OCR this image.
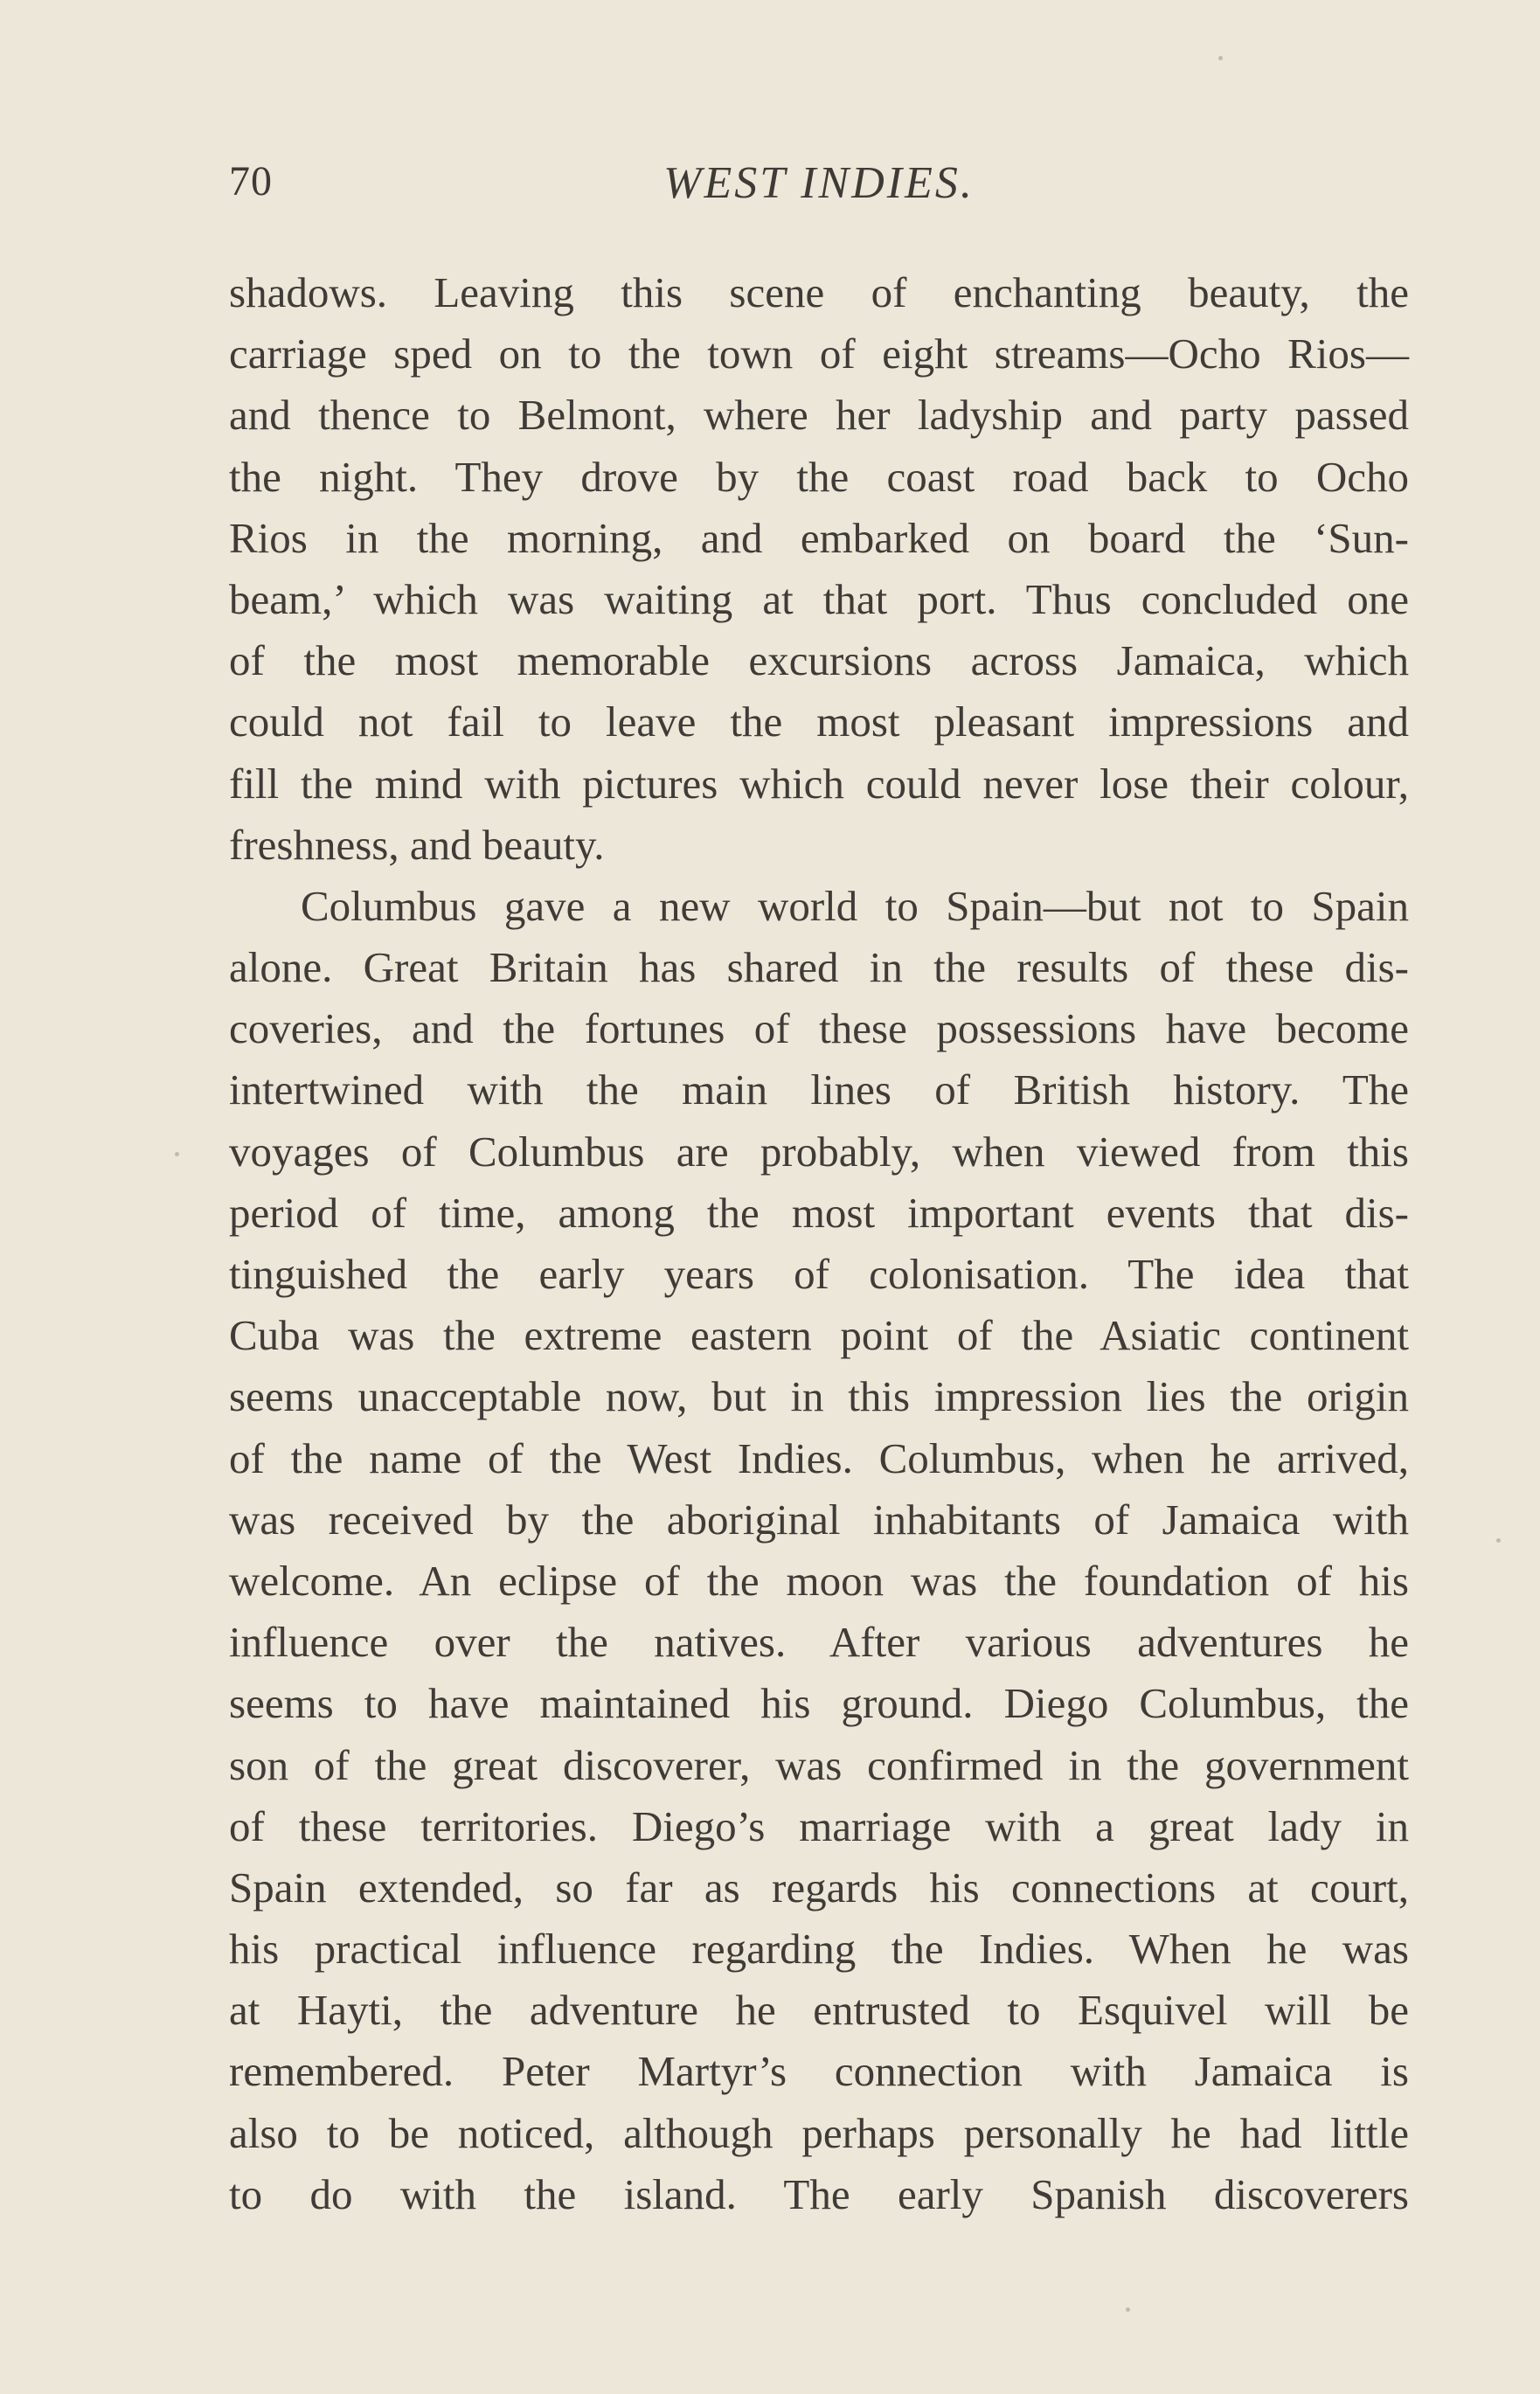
70	WEST INDIES.
shadows. Leaving this scene of enchanting beauty, the
carriage sped on to the town of eight streams—Ocho Rios—
and thence to Belmont, where her ladyship and party passed
the night. They drove by the coast road back to Ocho
Rios in the morning, and embarked on board the ‘Sun-
beam,’ which was waiting at that port. Thus concluded one
of the most memorable excursions across Jamaica, which
could not fail to leave the most pleasant impressions and
fill the mind with pictures which could never lose their colour,
freshness, and beauty.
Columbus gave a new world to Spain—but not to Spain
alone. Great Britain has shared in the results of these dis-
coveries, and the fortunes of these possessions have become
intertwined with the main lines of British history. The
voyages of Columbus are probably, when viewed from this
period of time, among the most important events that dis-
tinguished the early years of colonisation. The idea that
Cuba was the extreme eastern point of the Asiatic continent
seems unacceptable now, but in this impression lies the origin
of the name of the West Indies. Columbus, when he arrived,
was received by the aboriginal inhabitants of Jamaica with
welcome. An eclipse of the moon was the foundation of his
influence over the natives. After various adventures he
seems to have maintained his ground. Diego Columbus, the
son of the great discoverer, was confirmed in the government
of these territories. Diego’s marriage with a great lady in
Spain extended, so far as regards his connections at court,
his practical influence regarding the Indies. When he was
at Hayti, the adventure he entrusted to Esquivel will be
remembered. Peter Martyr’s connection with Jamaica is
also to be noticed, although perhaps personally he had little
to do with the island. The early Spanish discoverers
